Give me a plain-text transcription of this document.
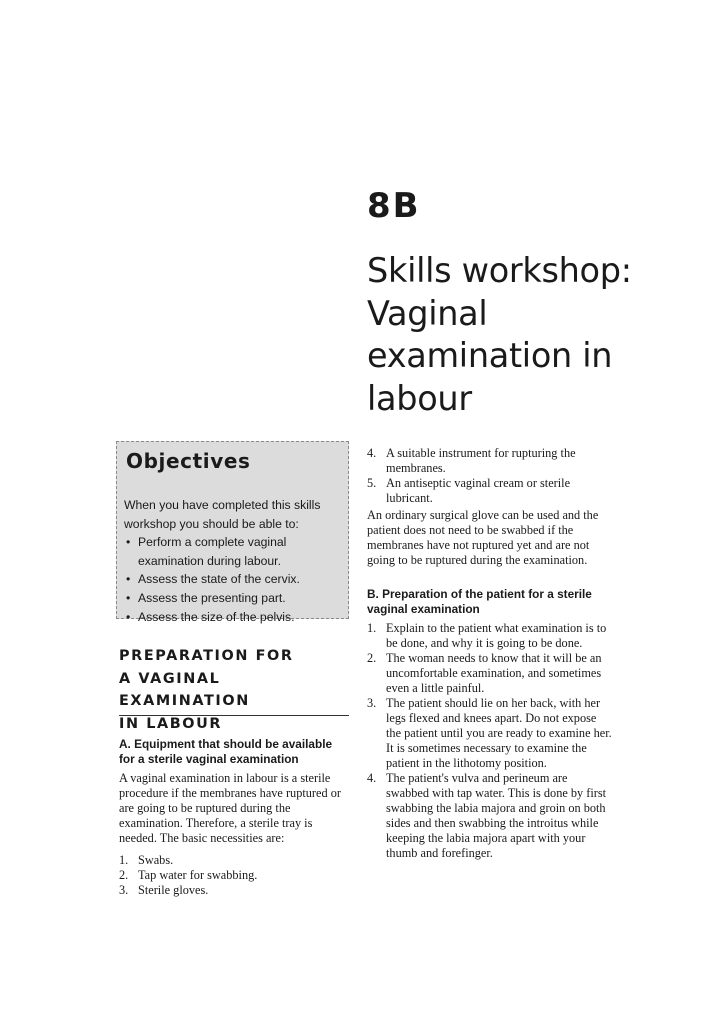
8B
Skills workshop:
Vaginal
examination in
labour
Objectives

When you have completed this skills workshop you should be able to:

• Perform a complete vaginal examination during labour.
• Assess the state of the cervix.
• Assess the presenting part.
• Assess the size of the pelvis.
PREPARATION FOR
A VAGINAL EXAMINATION
IN LABOUR
A. Equipment that should be available for a sterile vaginal examination
A vaginal examination in labour is a sterile procedure if the membranes have ruptured or are going to be ruptured during the examination. Therefore, a sterile tray is needed. The basic necessities are:
1. Swabs.
2. Tap water for swabbing.
3. Sterile gloves.
4. A suitable instrument for rupturing the membranes.
5. An antiseptic vaginal cream or sterile lubricant.
An ordinary surgical glove can be used and the patient does not need to be swabbed if the membranes have not ruptured yet and are not going to be ruptured during the examination.
B. Preparation of the patient for a sterile vaginal examination
1. Explain to the patient what examination is to be done, and why it is going to be done.
2. The woman needs to know that it will be an uncomfortable examination, and sometimes even a little painful.
3. The patient should lie on her back, with her legs flexed and knees apart. Do not expose the patient until you are ready to examine her. It is sometimes necessary to examine the patient in the lithotomy position.
4. The patient's vulva and perineum are swabbed with tap water. This is done by first swabbing the labia majora and groin on both sides and then swabbing the introitus while keeping the labia majora apart with your thumb and forefinger.
